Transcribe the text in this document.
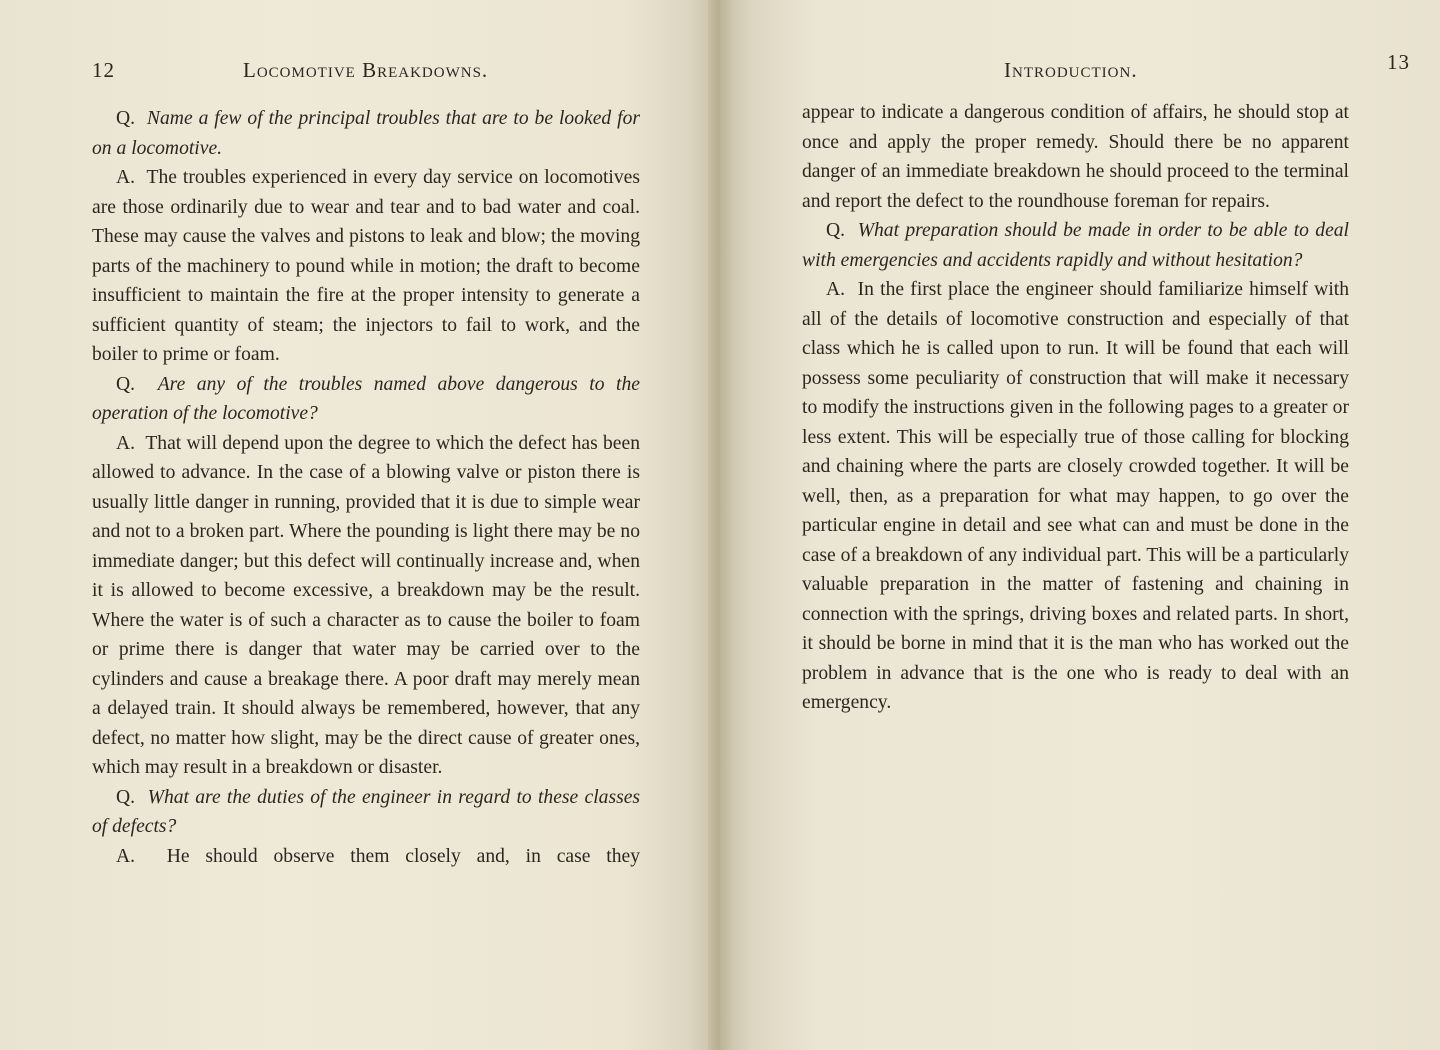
12	Locomotive Breakdowns.

Q. Name a few of the principal troubles that are to be looked for on a locomotive.

A. The troubles experienced in every day service on locomotives are those ordinarily due to wear and tear and to bad water and coal. These may cause the valves and pistons to leak and blow; the moving parts of the machinery to pound while in motion; the draft to become insufficient to maintain the fire at the proper intensity to generate a sufficient quantity of steam; the injectors to fail to work, and the boiler to prime or foam.

Q. Are any of the troubles named above dangerous to the operation of the locomotive?

A. That will depend upon the degree to which the defect has been allowed to advance. In the case of a blowing valve or piston there is usually little danger in running, provided that it is due to simple wear and not to a broken part. Where the pounding is light there may be no immediate danger; but this defect will continually increase and, when it is allowed to become excessive, a breakdown may be the result. Where the water is of such a character as to cause the boiler to foam or prime there is danger that water may be carried over to the cylinders and cause a breakage there. A poor draft may merely mean a delayed train. It should always be remembered, however, that any defect, no matter how slight, may be the direct cause of greater ones, which may result in a breakdown or disaster.

Q. What are the duties of the engineer in regard to these classes of defects?

A. He should observe them closely and, in case they

Introduction.	13

appear to indicate a dangerous condition of affairs, he should stop at once and apply the proper remedy. Should there be no apparent danger of an immediate breakdown he should proceed to the terminal and report the defect to the roundhouse foreman for repairs.

Q. What preparation should be made in order to be able to deal with emergencies and accidents rapidly and without hesitation?

A. In the first place the engineer should familiarize himself with all of the details of locomotive construction and especially of that class which he is called upon to run. It will be found that each will possess some peculiarity of construction that will make it necessary to modify the instructions given in the following pages to a greater or less extent. This will be especially true of those calling for blocking and chaining where the parts are closely crowded together. It will be well, then, as a preparation for what may happen, to go over the particular engine in detail and see what can and must be done in the case of a breakdown of any individual part. This will be a particularly valuable preparation in the matter of fastening and chaining in connection with the springs, driving boxes and related parts. In short, it should be borne in mind that it is the man who has worked out the problem in advance that is the one who is ready to deal with an emergency.
